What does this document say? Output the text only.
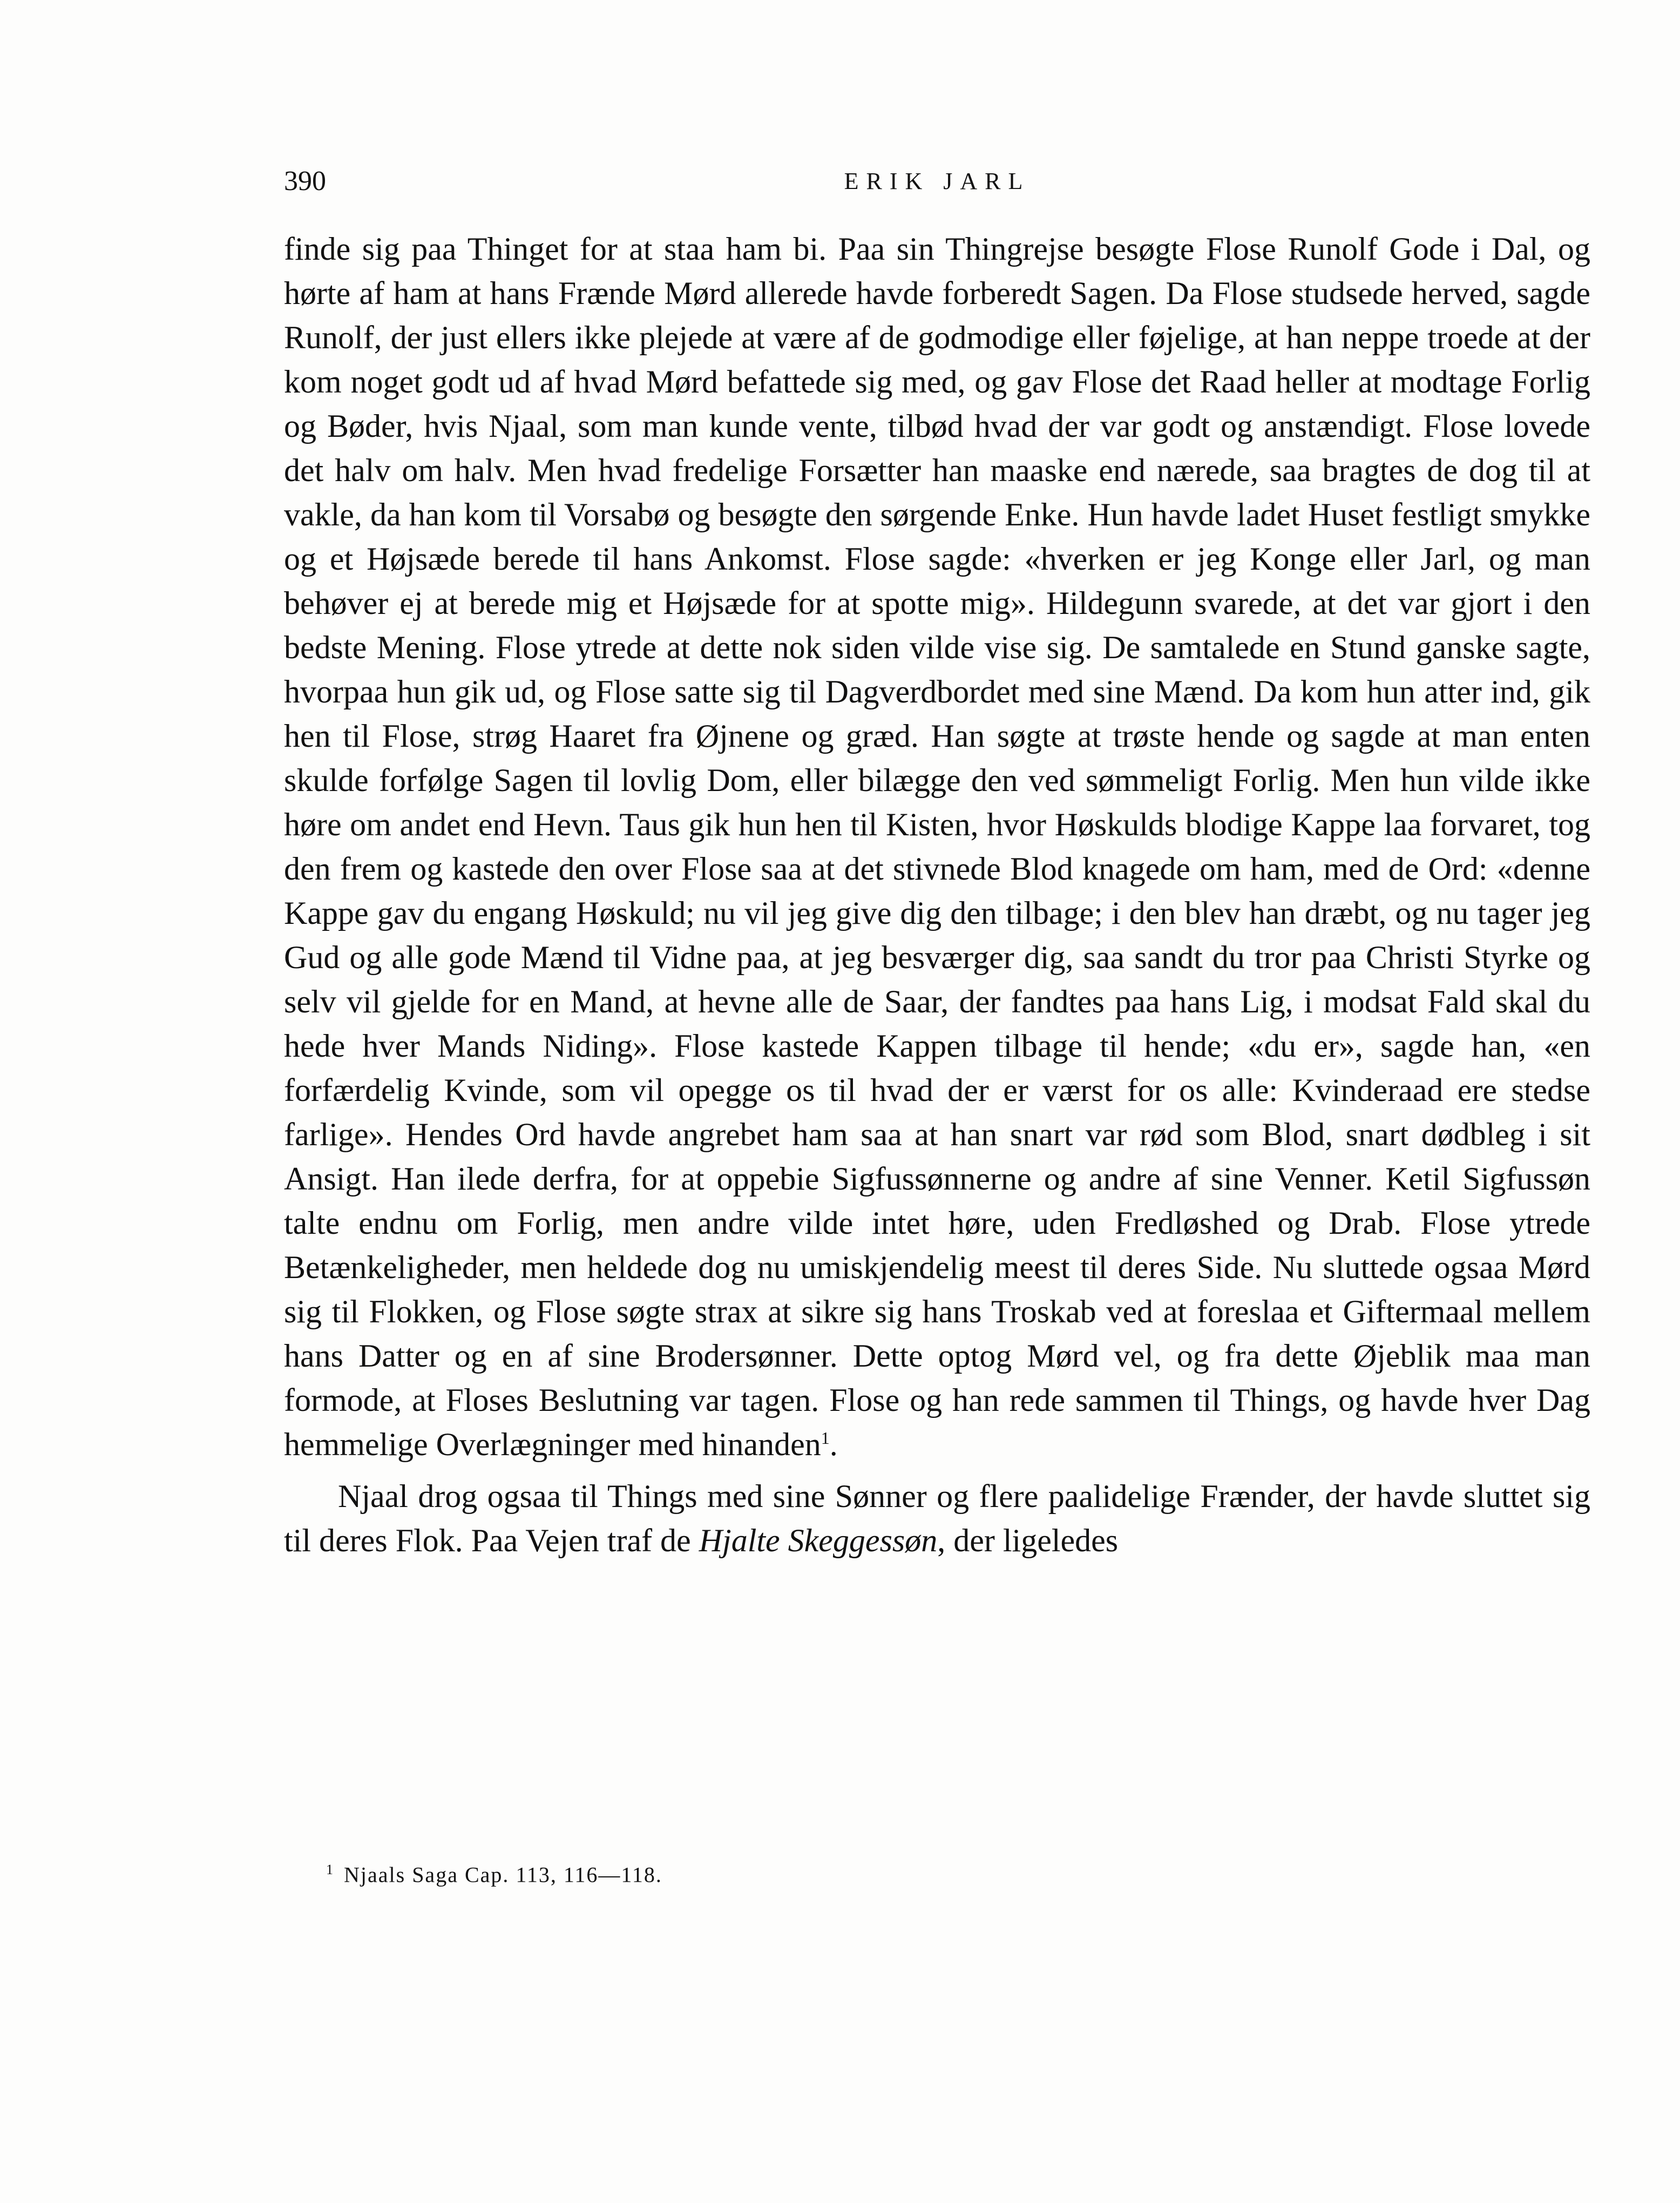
390	ERIK JARL

finde sig paa Thinget for at staa ham bi. Paa sin Thingrejse besøgte Flose Runolf Gode i Dal, og hørte af ham at hans Frænde Mørd allerede havde forberedt Sagen. Da Flose studsede herved, sagde Runolf, der just ellers ikke plejede at være af de godmodige eller føjelige, at han neppe troede at der kom noget godt ud af hvad Mørd befattede sig med, og gav Flose det Raad heller at modtage Forlig og Bøder, hvis Njaal, som man kunde vente, tilbød hvad der var godt og anstændigt. Flose lovede det halv om halv. Men hvad fredelige Forsætter han maaske end nærede, saa bragtes de dog til at vakle, da han kom til Vorsabø og besøgte den sørgende Enke. Hun havde ladet Huset festligt smykke og et Højsæde berede til hans Ankomst. Flose sagde: «hverken er jeg Konge eller Jarl, og man behøver ej at berede mig et Højsæde for at spotte mig». Hildegunn svarede, at det var gjort i den bedste Mening. Flose ytrede at dette nok siden vilde vise sig. De samtalede en Stund ganske sagte, hvorpaa hun gik ud, og Flose satte sig til Dagverdbordet med sine Mænd. Da kom hun atter ind, gik hen til Flose, strøg Haaret fra Øjnene og græd. Han søgte at trøste hende og sagde at man enten skulde forfølge Sagen til lovlig Dom, eller bilægge den ved sømmeligt Forlig. Men hun vilde ikke høre om andet end Hevn. Taus gik hun hen til Kisten, hvor Høskulds blodige Kappe laa forvaret, tog den frem og kastede den over Flose saa at det stivnede Blod knagede om ham, med de Ord: «denne Kappe gav du engang Høskuld; nu vil jeg give dig den tilbage; i den blev han dræbt, og nu tager jeg Gud og alle gode Mænd til Vidne paa, at jeg besværger dig, saa sandt du tror paa Christi Styrke og selv vil gjelde for en Mand, at hevne alle de Saar, der fandtes paa hans Lig, i modsat Fald skal du hede hver Mands Niding». Flose kastede Kappen tilbage til hende; «du er», sagde han, «en forfærdelig Kvinde, som vil opegge os til hvad der er værst for os alle: Kvinderaad ere stedse farlige». Hendes Ord havde angrebet ham saa at han snart var rød som Blod, snart dødbleg i sit Ansigt. Han ilede derfra, for at oppebie Sigfussønnerne og andre af sine Venner. Ketil Sigfussøn talte endnu om Forlig, men andre vilde intet høre, uden Fredløshed og Drab. Flose ytrede Betænkeligheder, men heldede dog nu umiskjendelig meest til deres Side. Nu sluttede ogsaa Mørd sig til Flokken, og Flose søgte strax at sikre sig hans Troskab ved at foreslaa et Giftermaal mellem hans Datter og en af sine Brodersønner. Dette optog Mørd vel, og fra dette Øjeblik maa man formode, at Floses Beslutning var tagen. Flose og han rede sammen til Things, og havde hver Dag hemmelige Overlægninger med hinanden$^1$.

Njaal drog ogsaa til Things med sine Sønner og flere paalidelige Frænder, der havde sluttet sig til deres Flok. Paa Vejen traf de Hjalte Skeggessøn, der ligeledes

$^1$ Njaals Saga Cap. 113, 116—118.
